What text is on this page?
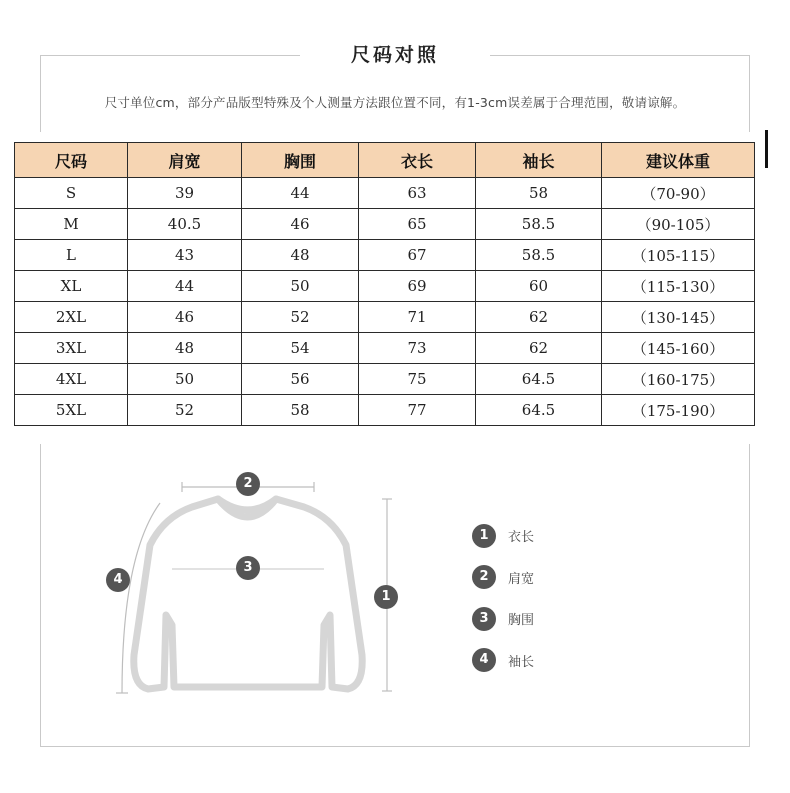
尺码对照
尺寸单位cm，部分产品版型特殊及个人测量方法跟位置不同，有1-3cm误差属于合理范围，敬请谅解。
尺码	肩宽	胸围	衣长	袖长	建议体重
S	39	44	63	58	（70-90）
M	40.5	46	65	58.5	（90-105）
L	43	48	67	58.5	（105-115）
XL	44	50	69	60	（115-130）
2XL	46	52	71	62	（130-145）
3XL	48	54	73	62	（145-160）
4XL	50	56	75	64.5	（160-175）
5XL	52	58	77	64.5	（175-190）
2
3
1
4
1	衣长
2	肩宽
3	胸围
4	袖长
